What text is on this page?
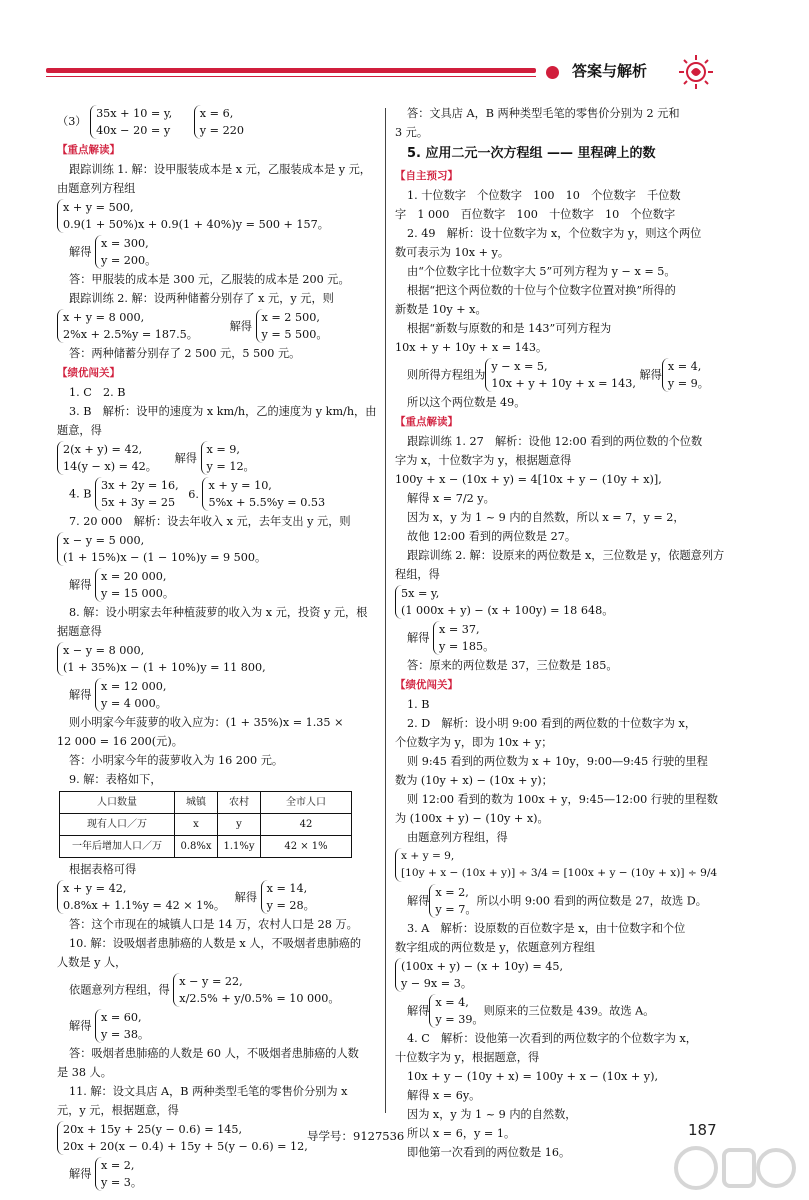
答案与解析
（3）
35x + 10 = y,
40x − 20 = y

x = 6,
y = 220
【重点解读】
跟踪训练 1. 解：设甲服装成本是 x 元，乙服装成本是 y 元，
由题意列方程组
x + y = 500,
0.9(1 + 50%)x + 0.9(1 + 40%)y = 500 + 157。
解得
x = 300,
y = 200。
答：甲服装的成本是 300 元，乙服装的成本是 200 元。
跟踪训练 2. 解：设两种储蓄分别存了 x 元，y 元，则
x + y = 8 000,
2%x + 2.5%y = 187.5。
解得
x = 2 500,
y = 5 500。
答：两种储蓄分别存了 2 500 元，5 500 元。
【绩优闯关】
1. C　2. B
3. B　解析：设甲的速度为 x km/h，乙的速度为 y km/h，由
题意，得
2(x + y) = 42,
14(y − x) = 42。
解得
x = 9,
y = 12。
4. B
3x + 2y = 16,
5x + 3y = 25
6.
x + y = 10,
5%x + 5.5%y = 0.53
7. 20 000　解析：设去年收入 x 元，去年支出 y 元，则
x − y = 5 000,
(1 + 15%)x − (1 − 10%)y = 9 500。
解得
x = 20 000,
y = 15 000。
8. 解：设小明家去年种植菠萝的收入为 x 元，投资 y 元，根
据题意得
x − y = 8 000,
(1 + 35%)x − (1 + 10%)y = 11 800,
解得
x = 12 000,
y = 4 000。
则小明家今年菠萝的收入应为：(1 + 35%)x = 1.35 ×
12 000 = 16 200(元)。
答：小明家今年的菠萝收入为 16 200 元。
9. 解：表格如下，
人口数量	城镇	农村	全市人口
现有人口／万	x	y	42
一年后增加人口／万	0.8%x	1.1%y	42 × 1%
根据表格可得
x + y = 42,
0.8%x + 1.1%y = 42 × 1%。
解得
x = 14,
y = 28。
答：这个市现在的城镇人口是 14 万，农村人口是 28 万。
10. 解：设吸烟者患肺癌的人数是 x 人，不吸烟者患肺癌的
人数是 y 人，
依题意列方程组，得
x − y = 22,
x/2.5% + y/0.5% = 10 000。
解得
x = 60,
y = 38。
答：吸烟者患肺癌的人数是 60 人，不吸烟者患肺癌的人数
是 38 人。
11. 解：设文具店 A，B 两种类型毛笔的零售价分别为 x
元，y 元，根据题意，得
20x + 15y + 25(y − 0.6) = 145,
20x + 20(x − 0.4) + 15y + 5(y − 0.6) = 12,
解得
x = 2,
y = 3。
答：文具店 A，B 两种类型毛笔的零售价分别为 2 元和
3 元。
5. 应用二元一次方程组 —— 里程碑上的数
【自主预习】
1. 十位数字　个位数字　100　10　个位数字　千位数
字　1 000　百位数字　100　十位数字　10　个位数字
2. 49　解析：设十位数字为 x，个位数字为 y，则这个两位
数可表示为 10x + y。
由“个位数字比十位数字大 5”可列方程为 y − x = 5。
根据“把这个两位数的十位与个位数字位置对换”所得的
新数是 10y + x。
根据“新数与原数的和是 143”可列方程为
10x + y + 10y + x = 143。
则所得方程组为
y − x = 5,
10x + y + 10y + x = 143,
解得
x = 4,
y = 9。
所以这个两位数是 49。
【重点解读】
跟踪训练 1. 27　解析：设他 12:00 看到的两位数的个位数
字为 x，十位数字为 y，根据题意得
100y + x − (10x + y) = 4[10x + y − (10y + x)],
解得 x = 7/2 y。
因为 x，y 为 1 ~ 9 内的自然数，所以 x = 7，y = 2，
故他 12:00 看到的两位数是 27。
跟踪训练 2. 解：设原来的两位数是 x，三位数是 y，依题意列方
程组，得
5x = y,
(1 000x + y) − (x + 100y) = 18 648。
解得
x = 37,
y = 185。
答：原来的两位数是 37，三位数是 185。
【绩优闯关】
1. B
2. D　解析：设小明 9:00 看到的两位数的十位数字为 x，
个位数字为 y，即为 10x + y；
则 9:45 看到的两位数为 x + 10y，9:00—9:45 行驶的里程
数为 (10y + x) − (10x + y)；
则 12:00 看到的数为 100x + y，9:45—12:00 行驶的里程数
为 (100x + y) − (10y + x)。
由题意列方程组，得
x + y = 9,
[10y + x − (10x + y)] ÷ 3/4 = [100x + y − (10y + x)] ÷ 9/4
解得
x = 2,
y = 7。
所以小明 9:00 看到的两位数是 27，故选 D。
3. A　解析：设原数的百位数字是 x，由十位数字和个位
数字组成的两位数是 y，依题意列方程组
(100x + y) − (x + 10y) = 45,
y − 9x = 3。
解得
x = 4,
y = 39。
则原来的三位数是 439。故选 A。
4. C　解析：设他第一次看到的两位数字的个位数字为 x，
十位数字为 y，根据题意，得
10x + y − (10y + x) = 100y + x − (10x + y),
解得 x = 6y。
因为 x，y 为 1 ~ 9 内的自然数，
所以 x = 6，y = 1。
即他第一次看到的两位数是 16。
导学号：9127536	187
